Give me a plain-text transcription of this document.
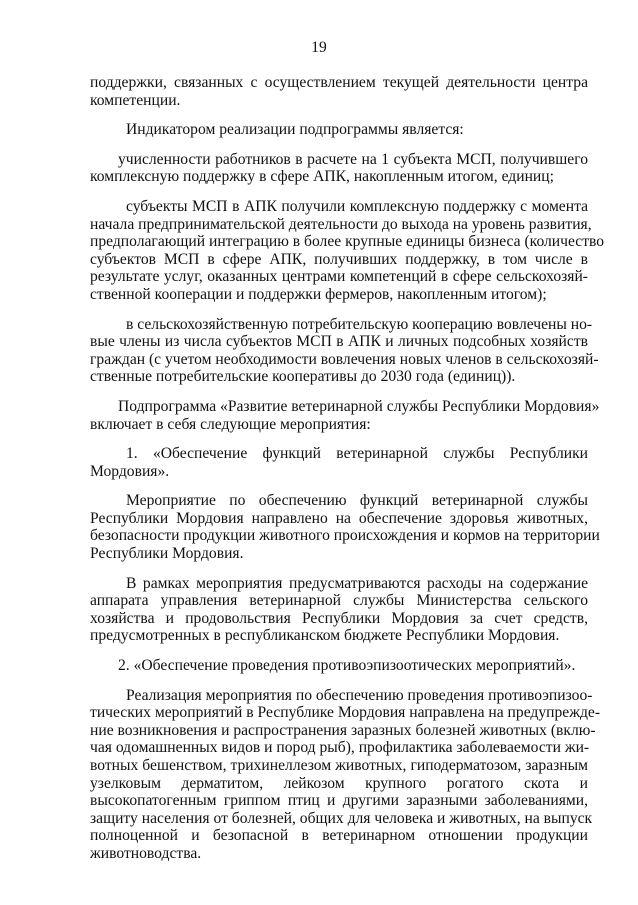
19
поддержки, связанных с осуществлением текущей деятельности центра
компетенции.
Индикатором реализации подпрограммы является:
учисленности работников в расчете на 1 субъекта МСП, получившего
комплексную поддержку в сфере АПК, накопленным итогом, единиц;
субъекты МСП в АПК получили комплексную поддержку с момента
начала предпринимательской деятельности до выхода на уровень развития,
предполагающий интеграцию в более крупные единицы бизнеса (количество
субъектов МСП в сфере АПК, получивших поддержку, в том числе в
результате услуг, оказанных центрами компетенций в сфере сельскохозяй-
ственной кооперации и поддержки фермеров, накопленным итогом);
в сельскохозяйственную потребительскую кооперацию вовлечены но-
вые члены из числа субъектов МСП в АПК и личных подсобных хозяйств
граждан (с учетом необходимости вовлечения новых членов в сельскохозяй-
ственные потребительские кооперативы до 2030 года (единиц)).
Подпрограмма «Развитие ветеринарной службы Республики Мордовия»
включает в себя следующие мероприятия:
1. «Обеспечение функций ветеринарной службы Республики
Мордовия».
Мероприятие по обеспечению функций ветеринарной службы
Республики Мордовия направлено на обеспечение здоровья животных,
безопасности продукции животного происхождения и кормов на территории
Республики Мордовия.
В рамках мероприятия предусматриваются расходы на содержание
аппарата управления ветеринарной службы Министерства сельского
хозяйства и продовольствия Республики Мордовия за счет средств,
предусмотренных в республиканском бюджете Республики Мордовия.
2. «Обеспечение проведения противоэпизоотических мероприятий».
Реализация мероприятия по обеспечению проведения противоэпизоо-
тических мероприятий в Республике Мордовия направлена на предупрежде-
ние возникновения и распространения заразных болезней животных (вклю-
чая одомашненных видов и пород рыб), профилактика заболеваемости жи-
вотных бешенством, трихинеллезом животных, гиподерматозом, заразным
узелковым дерматитом, лейкозом крупного рогатого скота и
высокопатогенным гриппом птиц и другими заразными заболеваниями,
защиту населения от болезней, общих для человека и животных, на выпуск
полноценной и безопасной в ветеринарном отношении продукции
животноводства.
